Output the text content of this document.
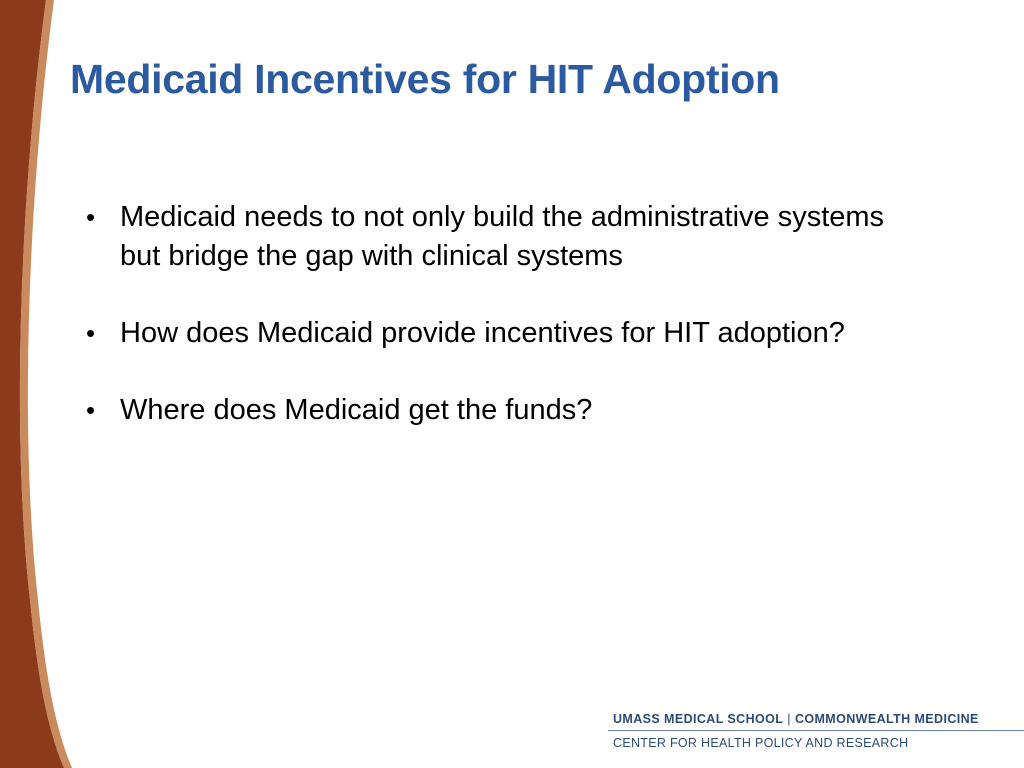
Medicaid Incentives for HIT Adoption
• Medicaid needs to not only build the administrative systems but bridge the gap with clinical systems
• How does Medicaid provide incentives for HIT adoption?
• Where does Medicaid get the funds?
UMASS MEDICAL SCHOOL | COMMONWEALTH MEDICINE
CENTER FOR HEALTH POLICY AND RESEARCH
